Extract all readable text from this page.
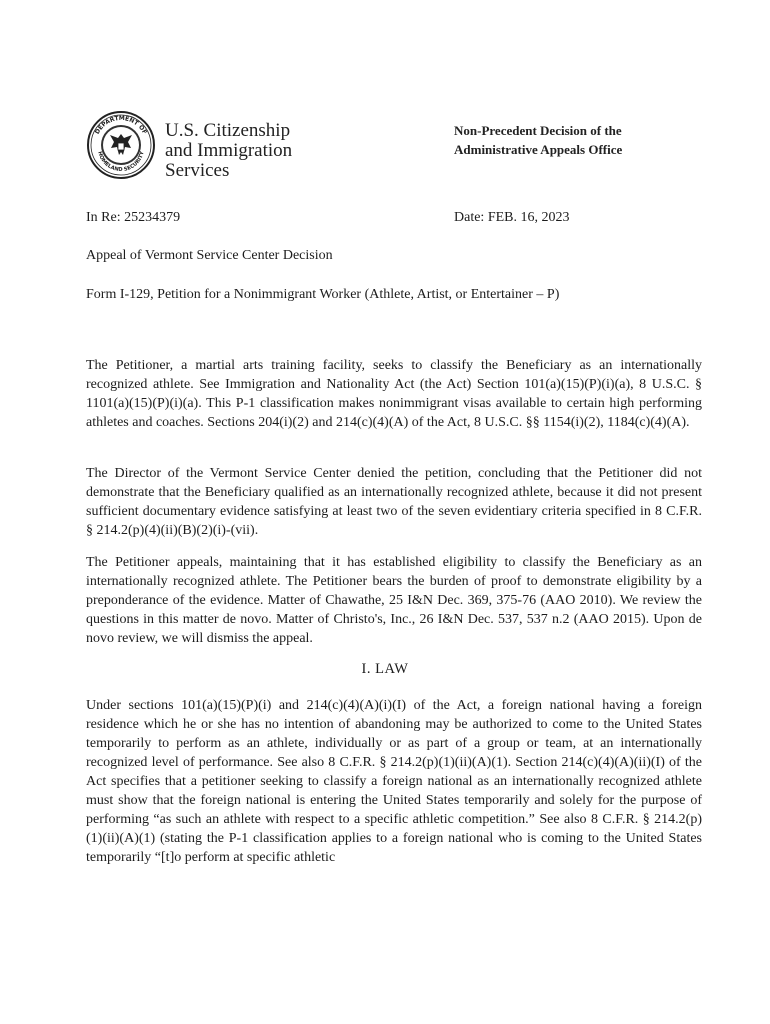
DEPARTMENT OF
HOMELAND SECURITY
U.S. Citizenship
and Immigration
Services
Non-Precedent Decision of the
Administrative Appeals Office
In Re: 25234379	Date: FEB. 16, 2023
Appeal of Vermont Service Center Decision
Form I-129, Petition for a Nonimmigrant Worker (Athlete, Artist, or Entertainer – P)

The Petitioner, a martial arts training facility, seeks to classify the Beneficiary as an internationally recognized athlete. See Immigration and Nationality Act (the Act) Section 101(a)(15)(P)(i)(a), 8 U.S.C. § 1101(a)(15)(P)(i)(a). This P-1 classification makes nonimmigrant visas available to certain high performing athletes and coaches. Sections 204(i)(2) and 214(c)(4)(A) of the Act, 8 U.S.C. §§ 1154(i)(2), 1184(c)(4)(A).

The Director of the Vermont Service Center denied the petition, concluding that the Petitioner did not demonstrate that the Beneficiary qualified as an internationally recognized athlete, because it did not present sufficient documentary evidence satisfying at least two of the seven evidentiary criteria specified in 8 C.F.R. § 214.2(p)(4)(ii)(B)(2)(i)-(vii).

The Petitioner appeals, maintaining that it has established eligibility to classify the Beneficiary as an internationally recognized athlete. The Petitioner bears the burden of proof to demonstrate eligibility by a preponderance of the evidence. Matter of Chawathe, 25 I&N Dec. 369, 375-76 (AAO 2010). We review the questions in this matter de novo. Matter of Christo's, Inc., 26 I&N Dec. 537, 537 n.2 (AAO 2015). Upon de novo review, we will dismiss the appeal.

I. LAW

Under sections 101(a)(15)(P)(i) and 214(c)(4)(A)(i)(I) of the Act, a foreign national having a foreign residence which he or she has no intention of abandoning may be authorized to come to the United States temporarily to perform as an athlete, individually or as part of a group or team, at an internationally recognized level of performance. See also 8 C.F.R. § 214.2(p)(1)(ii)(A)(1). Section 214(c)(4)(A)(ii)(I) of the Act specifies that a petitioner seeking to classify a foreign national as an internationally recognized athlete must show that the foreign national is entering the United States temporarily and solely for the purpose of performing “as such an athlete with respect to a specific athletic competition.” See also 8 C.F.R. § 214.2(p)(1)(ii)(A)(1) (stating the P-1 classification applies to a foreign national who is coming to the United States temporarily “[t]o perform at specific athletic
